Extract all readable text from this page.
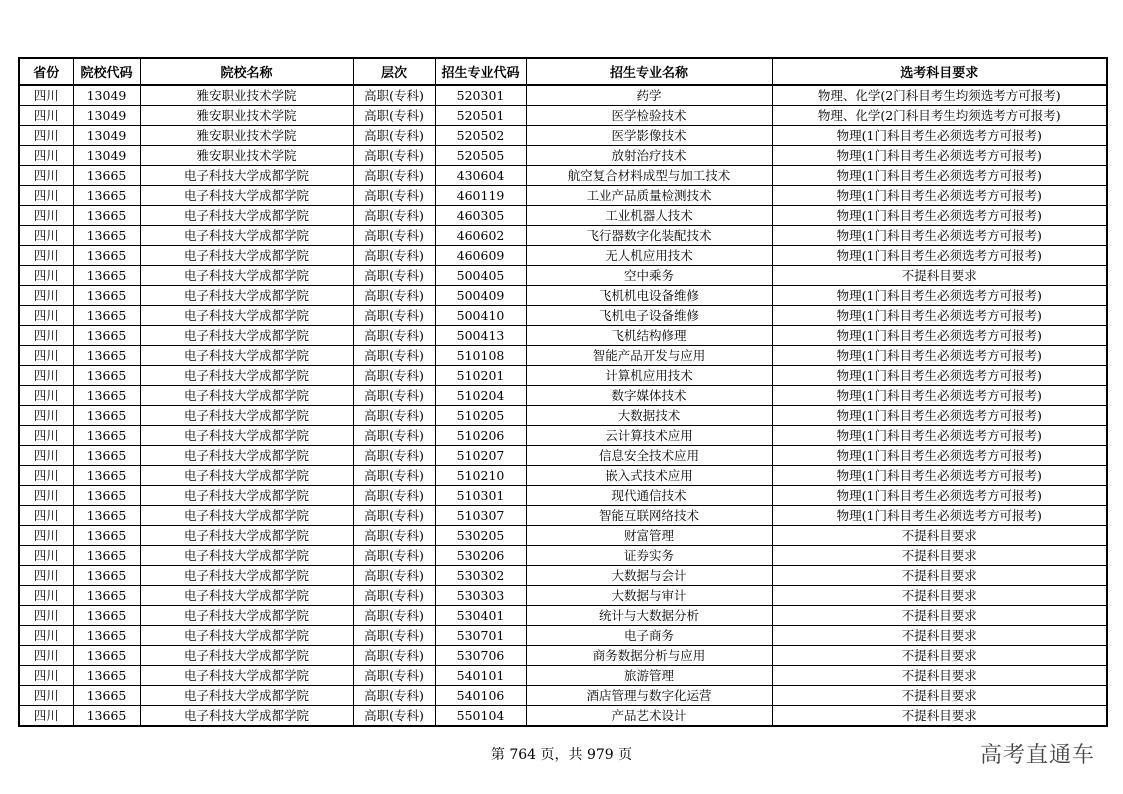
省份	院校代码	院校名称	层次	招生专业代码	招生专业名称	选考科目要求
四川	13049	雅安职业技术学院	高职(专科)	520301	药学	物理、化学(2门科目考生均须选考方可报考)
四川	13049	雅安职业技术学院	高职(专科)	520501	医学检验技术	物理、化学(2门科目考生均须选考方可报考)
四川	13049	雅安职业技术学院	高职(专科)	520502	医学影像技术	物理(1门科目考生必须选考方可报考)
四川	13049	雅安职业技术学院	高职(专科)	520505	放射治疗技术	物理(1门科目考生必须选考方可报考)
四川	13665	电子科技大学成都学院	高职(专科)	430604	航空复合材料成型与加工技术	物理(1门科目考生必须选考方可报考)
四川	13665	电子科技大学成都学院	高职(专科)	460119	工业产品质量检测技术	物理(1门科目考生必须选考方可报考)
四川	13665	电子科技大学成都学院	高职(专科)	460305	工业机器人技术	物理(1门科目考生必须选考方可报考)
四川	13665	电子科技大学成都学院	高职(专科)	460602	飞行器数字化装配技术	物理(1门科目考生必须选考方可报考)
四川	13665	电子科技大学成都学院	高职(专科)	460609	无人机应用技术	物理(1门科目考生必须选考方可报考)
四川	13665	电子科技大学成都学院	高职(专科)	500405	空中乘务	不提科目要求
四川	13665	电子科技大学成都学院	高职(专科)	500409	飞机机电设备维修	物理(1门科目考生必须选考方可报考)
四川	13665	电子科技大学成都学院	高职(专科)	500410	飞机电子设备维修	物理(1门科目考生必须选考方可报考)
四川	13665	电子科技大学成都学院	高职(专科)	500413	飞机结构修理	物理(1门科目考生必须选考方可报考)
四川	13665	电子科技大学成都学院	高职(专科)	510108	智能产品开发与应用	物理(1门科目考生必须选考方可报考)
四川	13665	电子科技大学成都学院	高职(专科)	510201	计算机应用技术	物理(1门科目考生必须选考方可报考)
四川	13665	电子科技大学成都学院	高职(专科)	510204	数字媒体技术	物理(1门科目考生必须选考方可报考)
四川	13665	电子科技大学成都学院	高职(专科)	510205	大数据技术	物理(1门科目考生必须选考方可报考)
四川	13665	电子科技大学成都学院	高职(专科)	510206	云计算技术应用	物理(1门科目考生必须选考方可报考)
四川	13665	电子科技大学成都学院	高职(专科)	510207	信息安全技术应用	物理(1门科目考生必须选考方可报考)
四川	13665	电子科技大学成都学院	高职(专科)	510210	嵌入式技术应用	物理(1门科目考生必须选考方可报考)
四川	13665	电子科技大学成都学院	高职(专科)	510301	现代通信技术	物理(1门科目考生必须选考方可报考)
四川	13665	电子科技大学成都学院	高职(专科)	510307	智能互联网络技术	物理(1门科目考生必须选考方可报考)
四川	13665	电子科技大学成都学院	高职(专科)	530205	财富管理	不提科目要求
四川	13665	电子科技大学成都学院	高职(专科)	530206	证券实务	不提科目要求
四川	13665	电子科技大学成都学院	高职(专科)	530302	大数据与会计	不提科目要求
四川	13665	电子科技大学成都学院	高职(专科)	530303	大数据与审计	不提科目要求
四川	13665	电子科技大学成都学院	高职(专科)	530401	统计与大数据分析	不提科目要求
四川	13665	电子科技大学成都学院	高职(专科)	530701	电子商务	不提科目要求
四川	13665	电子科技大学成都学院	高职(专科)	530706	商务数据分析与应用	不提科目要求
四川	13665	电子科技大学成都学院	高职(专科)	540101	旅游管理	不提科目要求
四川	13665	电子科技大学成都学院	高职(专科)	540106	酒店管理与数字化运营	不提科目要求
四川	13665	电子科技大学成都学院	高职(专科)	550104	产品艺术设计	不提科目要求
第 764 页，共 979 页	高考直通车
